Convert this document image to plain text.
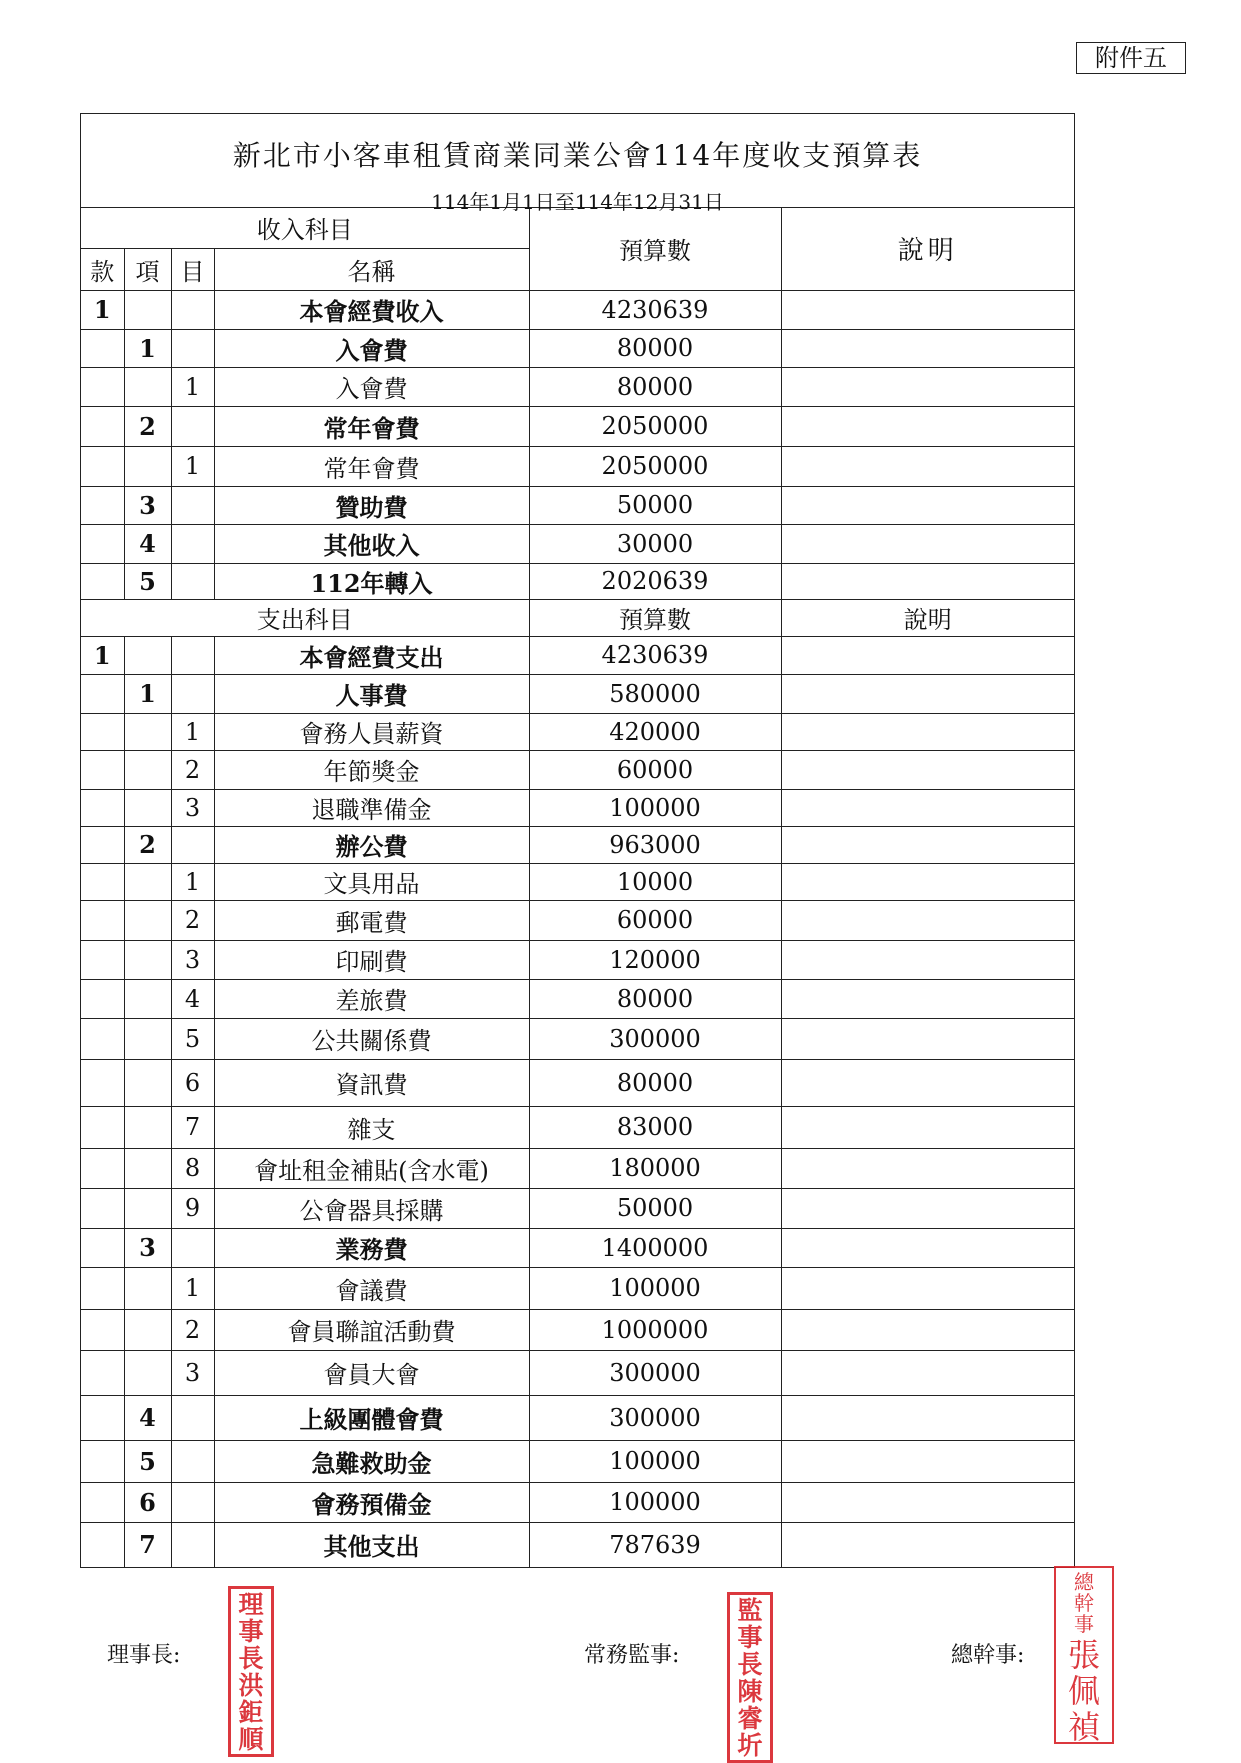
附件五
新北市小客車租賃商業同業公會114年度收支預算表
114年1月1日至114年12月31日
收入科目				預算數	說明
款	項	目	名稱		
1			本會經費收入	4230639	
	1		入會費	80000	
		1	入會費	80000	
	2		常年會費	2050000	
		1	常年會費	2050000	
	3		贊助費	50000	
	4		其他收入	30000	
	5		112年轉入	2020639	
支出科目				預算數	說明
1			本會經費支出	4230639	
	1		人事費	580000	
		1	會務人員薪資	420000	
		2	年節獎金	60000	
		3	退職準備金	100000	
	2		辦公費	963000	
		1	文具用品	10000	
		2	郵電費	60000	
		3	印刷費	120000	
		4	差旅費	80000	
		5	公共關係費	300000	
		6	資訊費	80000	
		7	雜支	83000	
		8	會址租金補貼(含水電)	180000	
		9	公會器具採購	50000	
	3		業務費	1400000	
		1	會議費	100000	
		2	會員聯誼活動費	1000000	
		3	會員大會	300000	
	4		上級團體會費	300000	
	5		急難救助金	100000	
	6		會務預備金	100000	
	7		其他支出	787639	
理事長:
理
事
長
洪
鉅
順
常務監事:
監
事
長
陳
睿
圻
總幹事:
總
幹
事
張
佩
禎
